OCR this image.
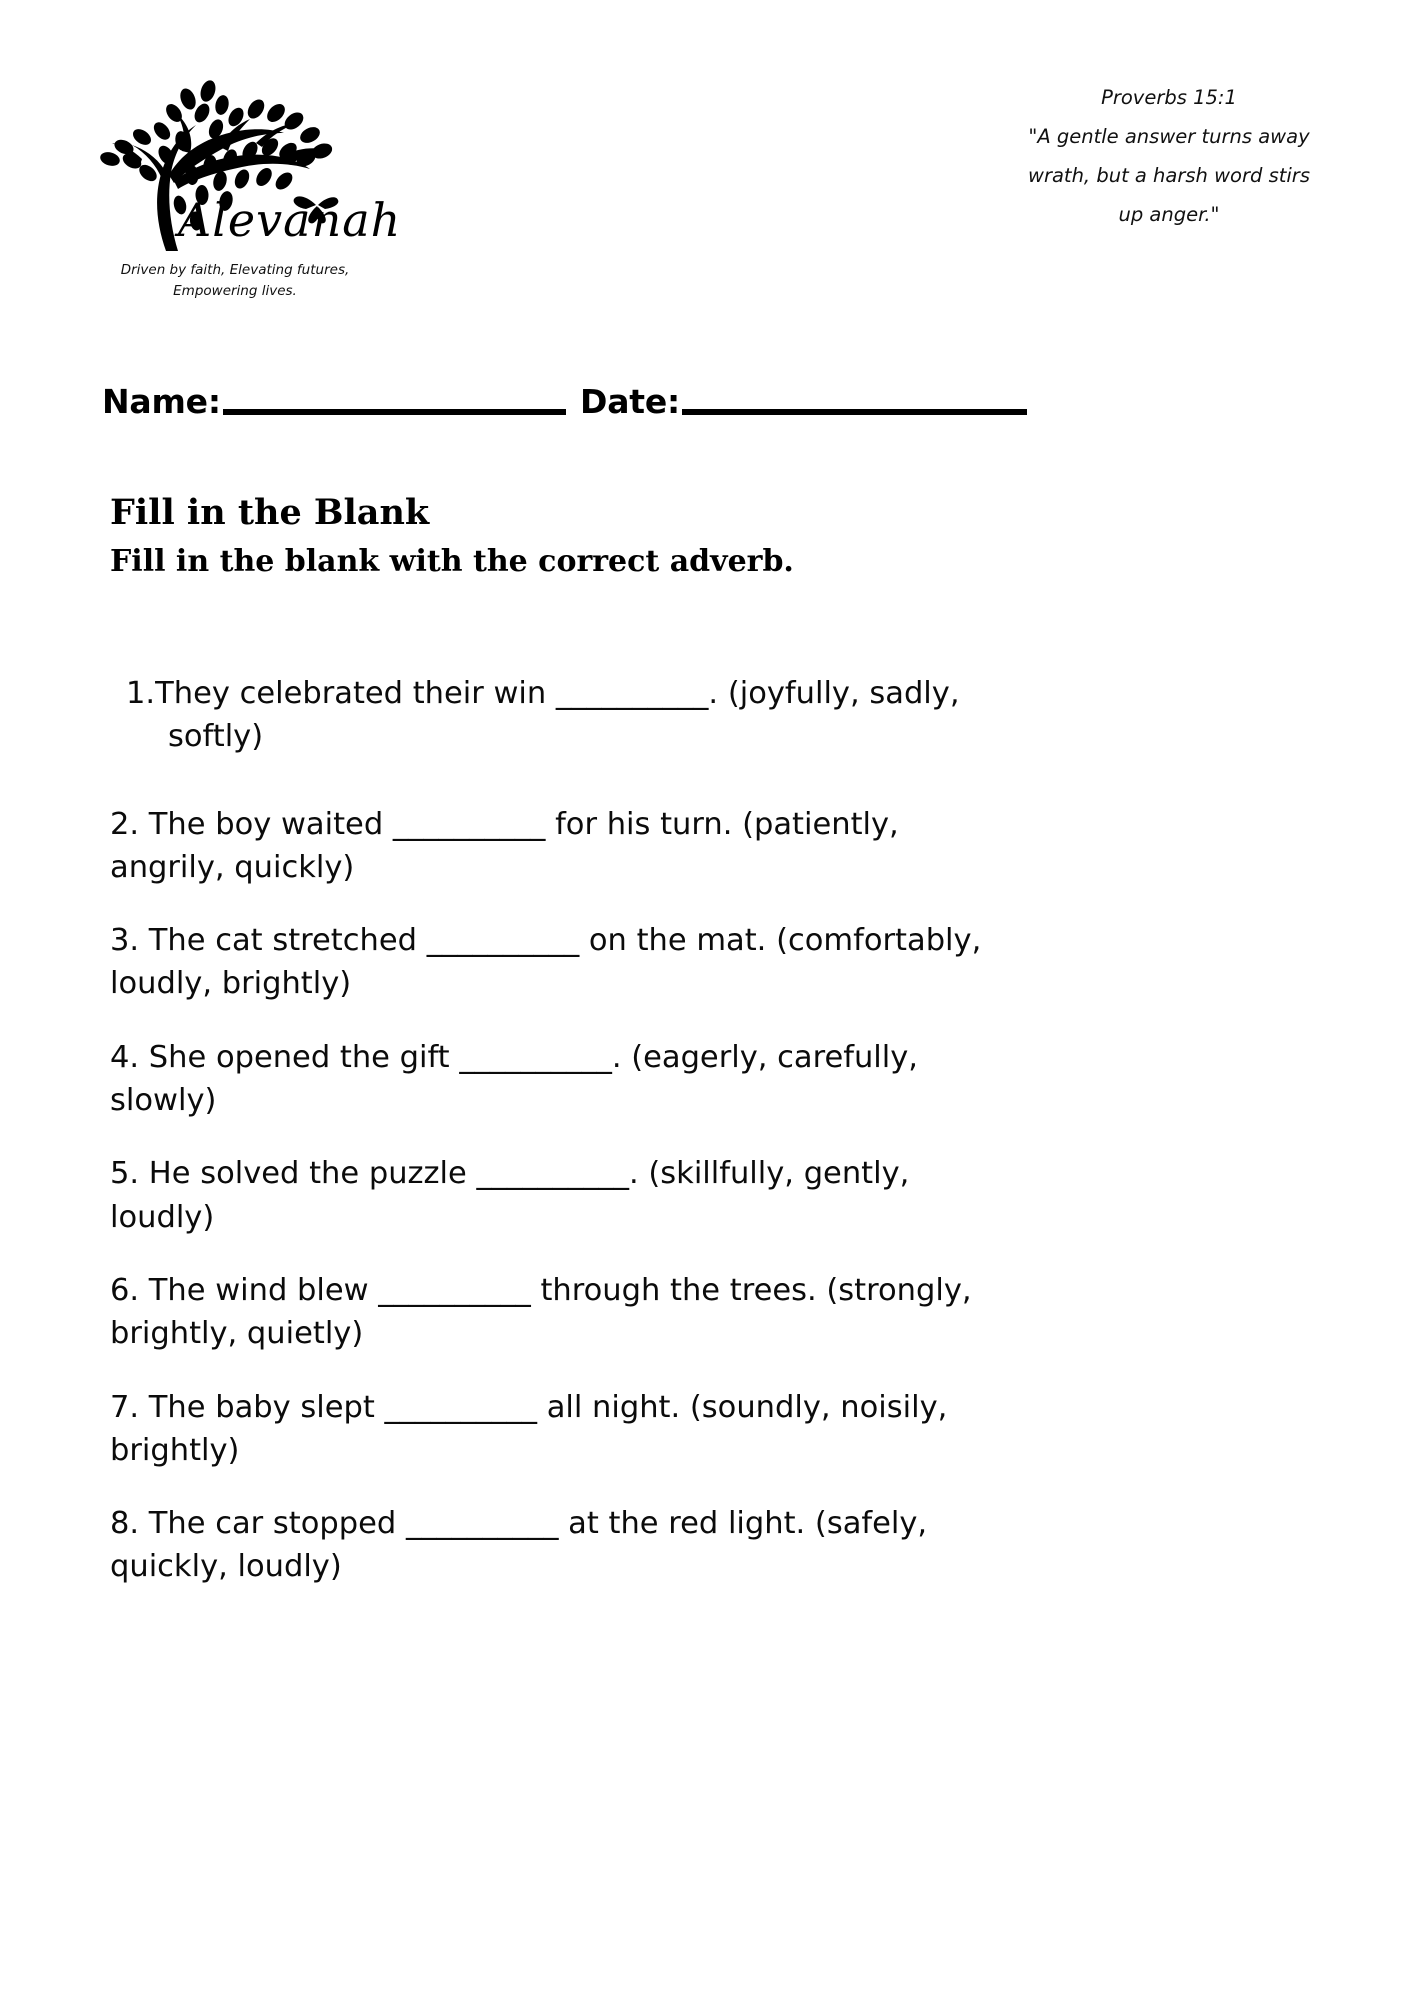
Alevanah
Driven by faith, Elevating futures,
Empowering lives.
Proverbs 15:1
"A gentle answer turns away
wrath, but a harsh word stirs
up anger."
Name:	Date:
Fill in the Blank
Fill in the blank with the correct adverb.

1.They celebrated their win __________. (joyfully, sadly, softly)

2. The boy waited __________ for his turn. (patiently, angrily, quickly)

3. The cat stretched __________ on the mat. (comfortably, loudly, brightly)

4. She opened the gift __________. (eagerly, carefully, slowly)

5. He solved the puzzle __________. (skillfully, gently, loudly)

6. The wind blew __________ through the trees. (strongly, brightly, quietly)

7. The baby slept __________ all night. (soundly, noisily, brightly)

8. The car stopped __________ at the red light. (safely, quickly, loudly)
